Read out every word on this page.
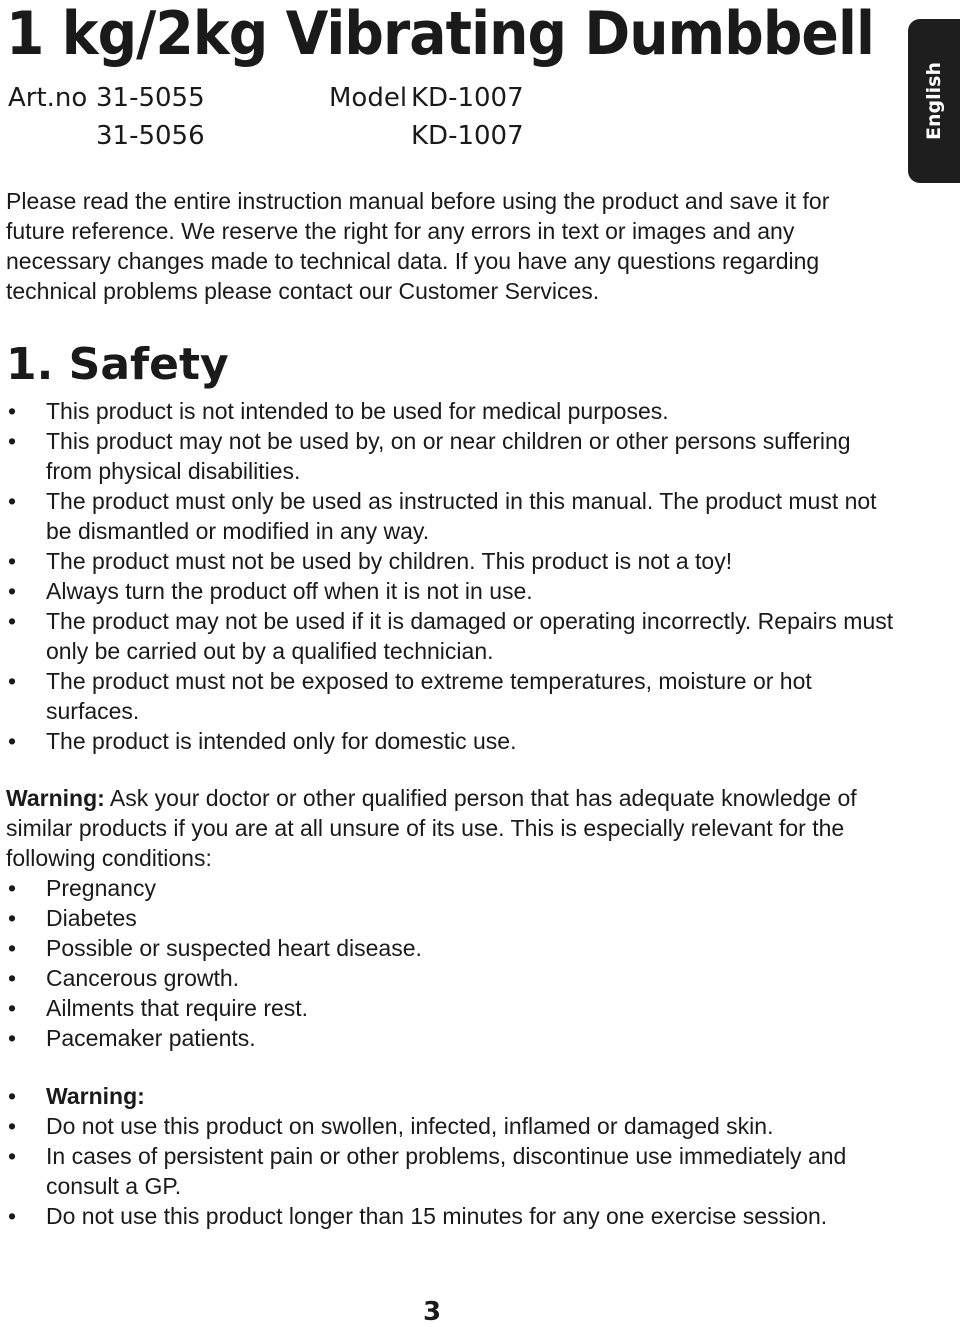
1 kg/2kg Vibrating Dumbbell
English
Art.no 31-5055
31-5056
Model KD-1007
KD-1007

Please read the entire instruction manual before using the product and save it for future reference. We reserve the right for any errors in text or images and any necessary changes made to technical data. If you have any questions regarding technical problems please contact our Customer Services.

1. Safety
• This product is not intended to be used for medical purposes.
• This product may not be used by, on or near children or other persons suffering from physical disabilities.
• The product must only be used as instructed in this manual. The product must not be dismantled or modified in any way.
• The product must not be used by children. This product is not a toy!
• Always turn the product off when it is not in use.
• The product may not be used if it is damaged or operating incorrectly. Repairs must only be carried out by a qualified technician.
• The product must not be exposed to extreme temperatures, moisture or hot surfaces.
• The product is intended only for domestic use.

Warning: Ask your doctor or other qualified person that has adequate knowledge of similar products if you are at all unsure of its use. This is especially relevant for the following conditions:

• Pregnancy
• Diabetes
• Possible or suspected heart disease.
• Cancerous growth.
• Ailments that require rest.
• Pacemaker patients.
• Warning:
• Do not use this product on swollen, infected, inflamed or damaged skin.
• In cases of persistent pain or other problems, discontinue use immediately and consult a GP.
• Do not use this product longer than 15 minutes for any one exercise session.
3
